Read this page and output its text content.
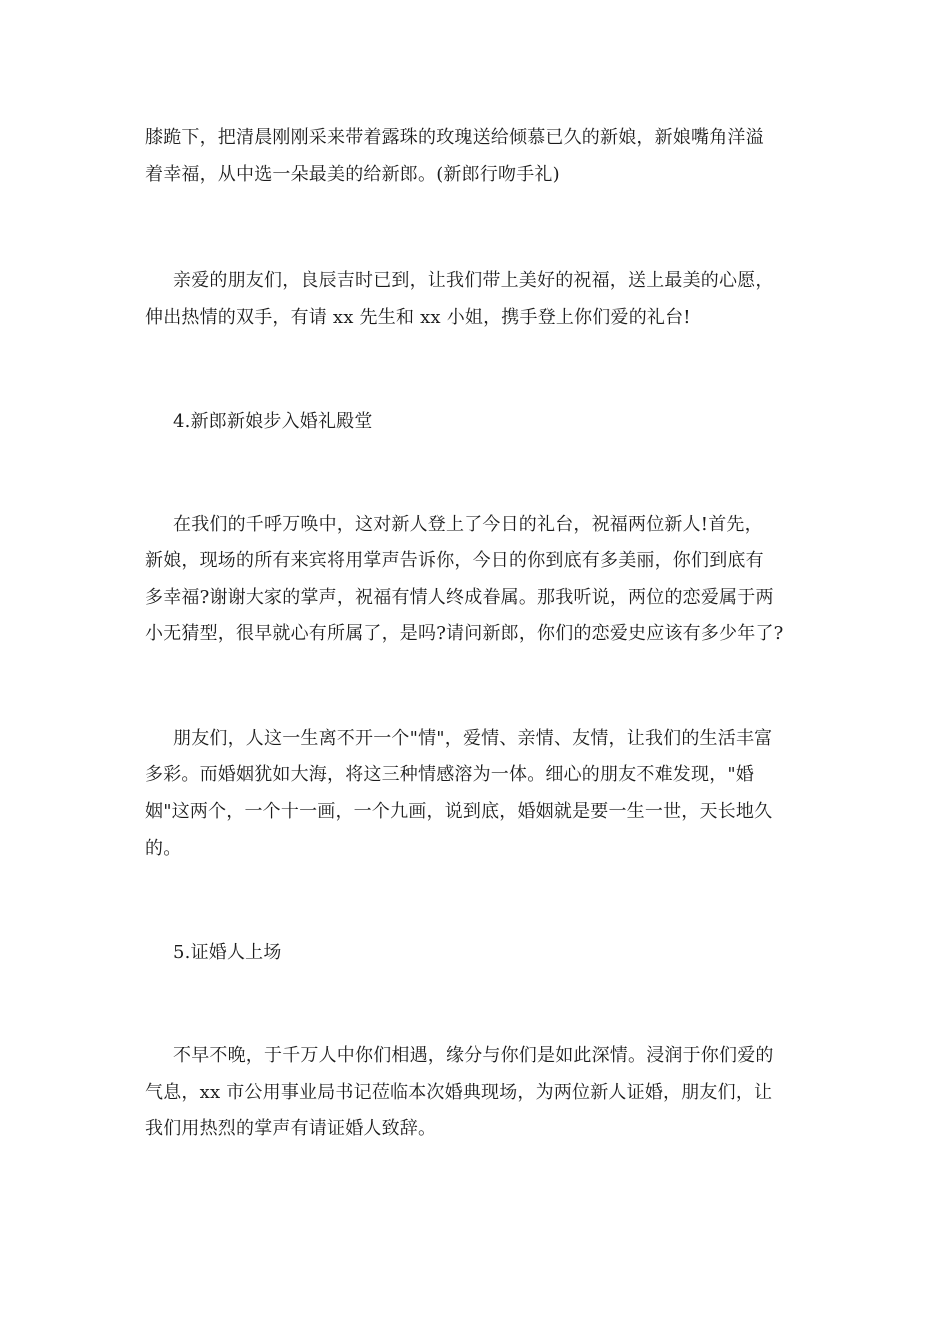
膝跪下，把清晨刚刚采来带着露珠的玫瑰送给倾慕已久的新娘，新娘嘴角洋溢
着幸福，从中选一朵最美的给新郎。(新郎行吻手礼)
亲爱的朋友们，良辰吉时已到，让我们带上美好的祝福，送上最美的心愿，
伸出热情的双手，有请 xx 先生和 xx 小姐，携手登上你们爱的礼台!
4.新郎新娘步入婚礼殿堂
在我们的千呼万唤中，这对新人登上了今日的礼台，祝福两位新人!首先，
新娘，现场的所有来宾将用掌声告诉你，今日的你到底有多美丽，你们到底有
多幸福?谢谢大家的掌声，祝福有情人终成眷属。那我听说，两位的恋爱属于两
小无猜型，很早就心有所属了，是吗?请问新郎，你们的恋爱史应该有多少年了?
朋友们，人这一生离不开一个"情"，爱情、亲情、友情，让我们的生活丰富
多彩。而婚姻犹如大海，将这三种情感溶为一体。细心的朋友不难发现，"婚
姻"这两个，一个十一画，一个九画，说到底，婚姻就是要一生一世，天长地久
的。
5.证婚人上场
不早不晚，于千万人中你们相遇，缘分与你们是如此深情。浸润于你们爱的
气息，xx 市公用事业局书记莅临本次婚典现场，为两位新人证婚，朋友们，让
我们用热烈的掌声有请证婚人致辞。
